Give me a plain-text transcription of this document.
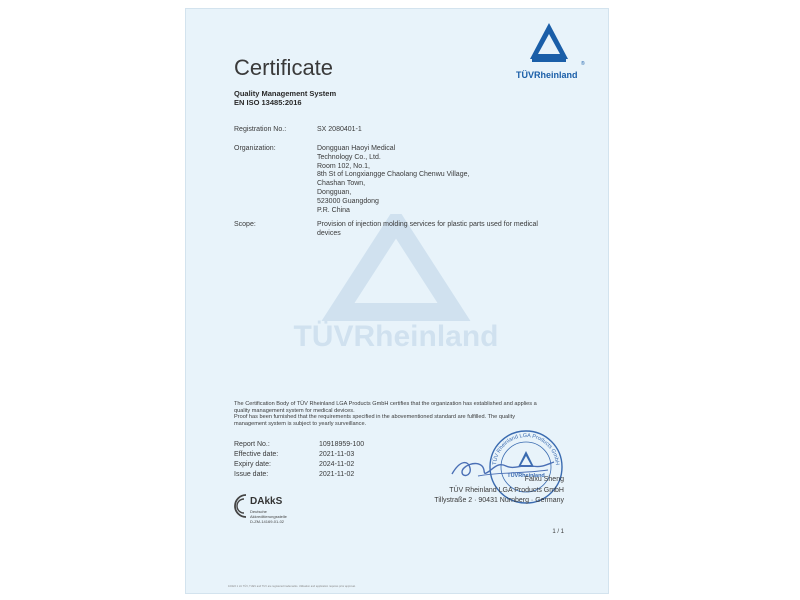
TÜVRheinland
TÜVRheinland
®
Certificate
Quality Management System
EN ISO 13485:2016
Registration No.:	SX 2080401-1
Organization:	Dongguan Haoyi Medical
Technology Co., Ltd.
Room 102, No.1,
8th St of Longxiangge Chaolang Chenwu Village,
Chashan Town,
Dongguan,
523000 Guangdong
P.R. China
Scope:	Provision of injection molding services for plastic parts used for medical
devices
The Certification Body of TÜV Rheinland LGA Products GmbH certifies that the organization has established and applies a
quality management system for medical devices.
Proof has been furnished that the requirements specified in the abovementioned standard are fulfilled. The quality
management system is subject to yearly surveillance.
Report No.:	10918959-100
Effective date:	2021-11-03
Expiry date:	2024-11-02
Issue date:	2021-11-02
TÜV Rheinland LGA Products GmbH
TÜVRheinland
Falxu Sheng
TÜV Rheinland LGA Products GmbH
Tillystraße 2 · 90431 Nürnberg · Germany
1 / 1
DAkkS
Deutsche
Akkreditierungsstelle
D-ZM-14169-01-02
10/222 1 LU TÜV, TUEV and TUV are registered trademarks. Utilisation and application requires prior approval.
